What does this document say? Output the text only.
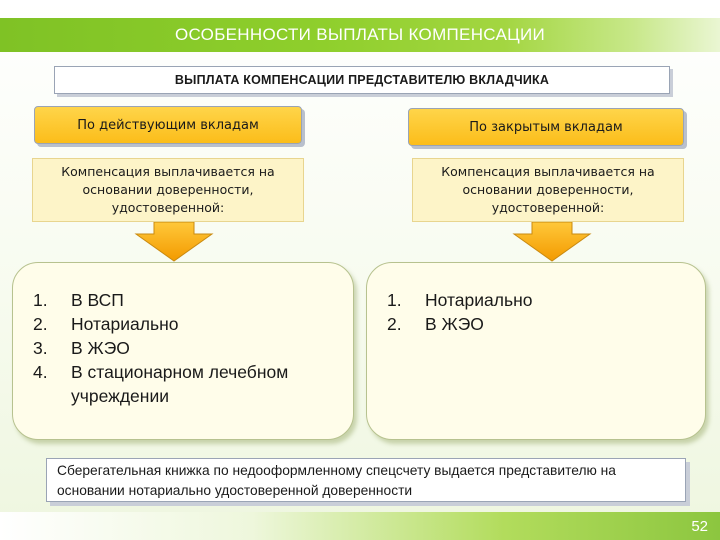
ОСОБЕННОСТИ ВЫПЛАТЫ КОМПЕНСАЦИИ
ВЫПЛАТА КОМПЕНСАЦИИ ПРЕДСТАВИТЕЛЮ ВКЛАДЧИКА
По действующим вкладам	По закрытым вкладам
Компенсация выплачивается на основании доверенности, удостоверенной:
Компенсация выплачивается на основании доверенности, удостоверенной:
1.	В ВСП
2.	Нотариально
3.	В ЖЭО
4.	В стационарном лечебном учреждении
1.	Нотариально
2.	В ЖЭО
Сберегательная книжка по недооформленному спецсчету выдается представителю на основании нотариально удостоверенной доверенности
52
